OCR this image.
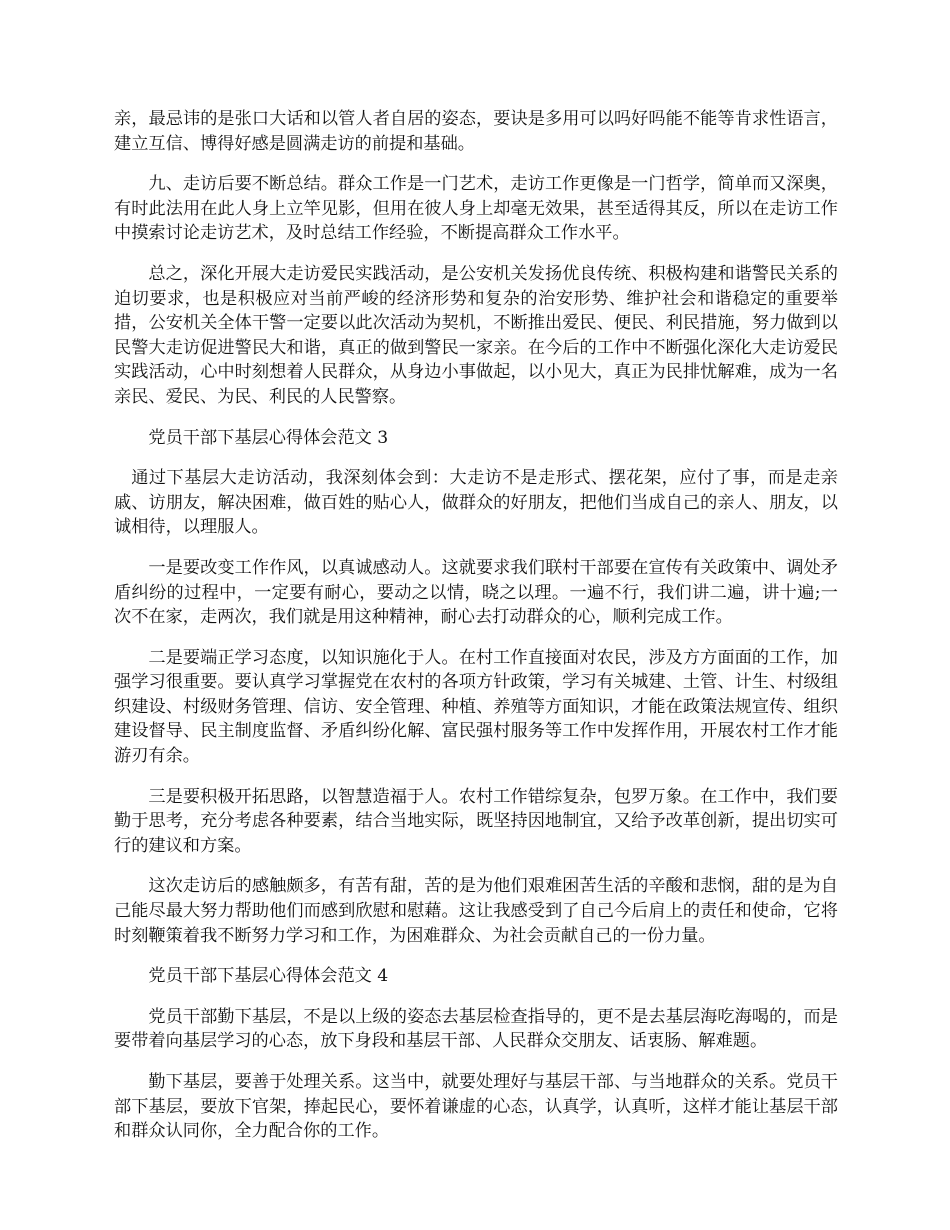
亲，最忌讳的是张口大话和以管人者自居的姿态，要诀是多用可以吗好吗能不能等肯求性语言，建立互信、博得好感是圆满走访的前提和基础。

九、走访后要不断总结。群众工作是一门艺术，走访工作更像是一门哲学，简单而又深奥，有时此法用在此人身上立竿见影，但用在彼人身上却毫无效果，甚至适得其反，所以在走访工作中摸索讨论走访艺术，及时总结工作经验，不断提高群众工作水平。

总之，深化开展大走访爱民实践活动，是公安机关发扬优良传统、积极构建和谐警民关系的迫切要求，也是积极应对当前严峻的经济形势和复杂的治安形势、维护社会和谐稳定的重要举措，公安机关全体干警一定要以此次活动为契机，不断推出爱民、便民、利民措施，努力做到以民警大走访促进警民大和谐，真正的做到警民一家亲。在今后的工作中不断强化深化大走访爱民实践活动，心中时刻想着人民群众，从身边小事做起，以小见大，真正为民排忧解难，成为一名亲民、爱民、为民、利民的人民警察。

党员干部下基层心得体会范文 3

通过下基层大走访活动，我深刻体会到：大走访不是走形式、摆花架，应付了事，而是走亲戚、访朋友，解决困难，做百姓的贴心人，做群众的好朋友，把他们当成自己的亲人、朋友，以诚相待，以理服人。

一是要改变工作作风，以真诚感动人。这就要求我们联村干部要在宣传有关政策中、调处矛盾纠纷的过程中，一定要有耐心，要动之以情，晓之以理。一遍不行，我们讲二遍，讲十遍;一次不在家，走两次，我们就是用这种精神，耐心去打动群众的心，顺利完成工作。

二是要端正学习态度，以知识施化于人。在村工作直接面对农民，涉及方方面面的工作，加强学习很重要。要认真学习掌握党在农村的各项方针政策，学习有关城建、土管、计生、村级组织建设、村级财务管理、信访、安全管理、种植、养殖等方面知识，才能在政策法规宣传、组织建设督导、民主制度监督、矛盾纠纷化解、富民强村服务等工作中发挥作用，开展农村工作才能游刃有余。

三是要积极开拓思路，以智慧造福于人。农村工作错综复杂，包罗万象。在工作中，我们要勤于思考，充分考虑各种要素，结合当地实际，既坚持因地制宜，又给予改革创新，提出切实可行的建议和方案。

这次走访后的感触颇多，有苦有甜，苦的是为他们艰难困苦生活的辛酸和悲悯，甜的是为自己能尽最大努力帮助他们而感到欣慰和慰藉。这让我感受到了自己今后肩上的责任和使命，它将时刻鞭策着我不断努力学习和工作，为困难群众、为社会贡献自己的一份力量。

党员干部下基层心得体会范文 4

党员干部勤下基层，不是以上级的姿态去基层检查指导的，更不是去基层海吃海喝的，而是要带着向基层学习的心态，放下身段和基层干部、人民群众交朋友、话衷肠、解难题。

勤下基层，要善于处理关系。这当中，就要处理好与基层干部、与当地群众的关系。党员干部下基层，要放下官架，捧起民心，要怀着谦虚的心态，认真学，认真听，这样才能让基层干部和群众认同你，全力配合你的工作。
